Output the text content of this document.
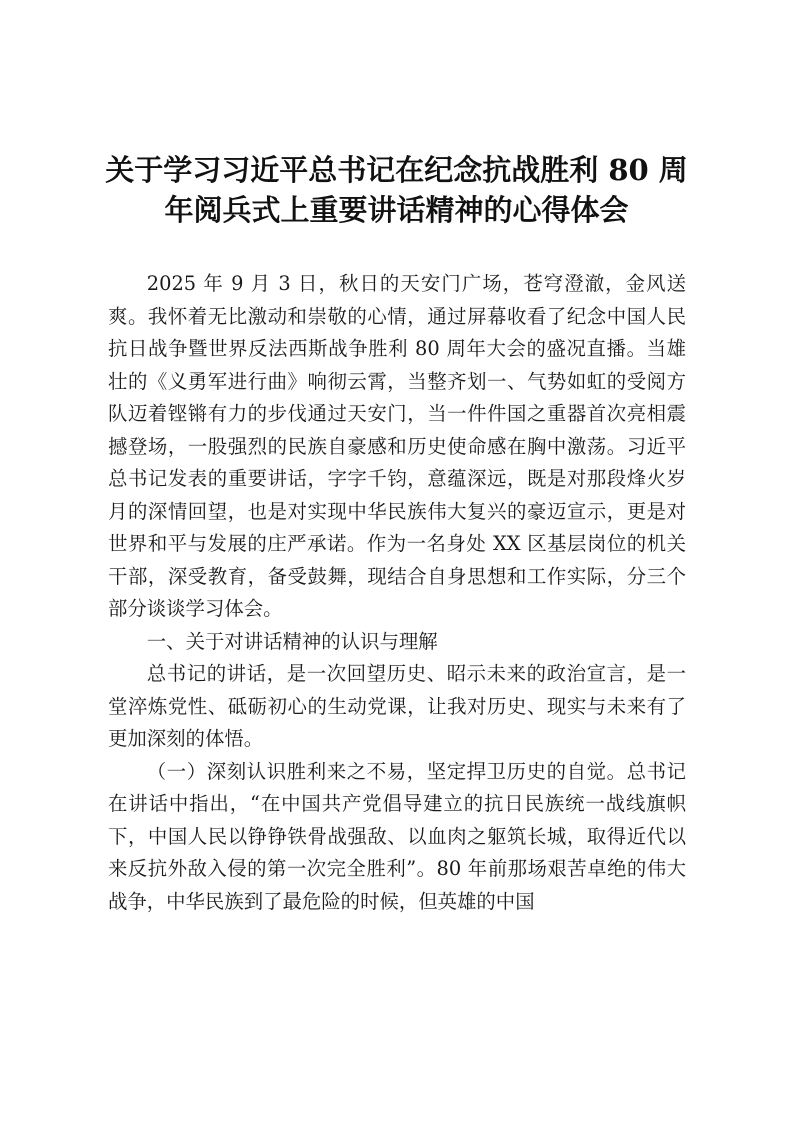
关于学习习近平总书记在纪念抗战胜利 80 周
年阅兵式上重要讲话精神的心得体会

2025 年 9 月 3 日，秋日的天安门广场，苍穹澄澈，金风送爽。我怀着无比激动和崇敬的心情，通过屏幕收看了纪念中国人民抗日战争暨世界反法西斯战争胜利 80 周年大会的盛况直播。当雄壮的《义勇军进行曲》响彻云霄，当整齐划一、气势如虹的受阅方队迈着铿锵有力的步伐通过天安门，当一件件国之重器首次亮相震撼登场，一股强烈的民族自豪感和历史使命感在胸中激荡。习近平总书记发表的重要讲话，字字千钧，意蕴深远，既是对那段烽火岁月的深情回望，也是对实现中华民族伟大复兴的豪迈宣示，更是对世界和平与发展的庄严承诺。作为一名身处 XX 区基层岗位的机关干部，深受教育，备受鼓舞，现结合自身思想和工作实际，分三个部分谈谈学习体会。

一、关于对讲话精神的认识与理解

总书记的讲话，是一次回望历史、昭示未来的政治宣言，是一堂淬炼党性、砥砺初心的生动党课，让我对历史、现实与未来有了更加深刻的体悟。

（一）深刻认识胜利来之不易，坚定捍卫历史的自觉。总书记在讲话中指出，“在中国共产党倡导建立的抗日民族统一战线旗帜下，中国人民以铮铮铁骨战强敌、以血肉之躯筑长城，取得近代以来反抗外敌入侵的第一次完全胜利”。80 年前那场艰苦卓绝的伟大战争，中华民族到了最危险的时候，但英雄的中国
